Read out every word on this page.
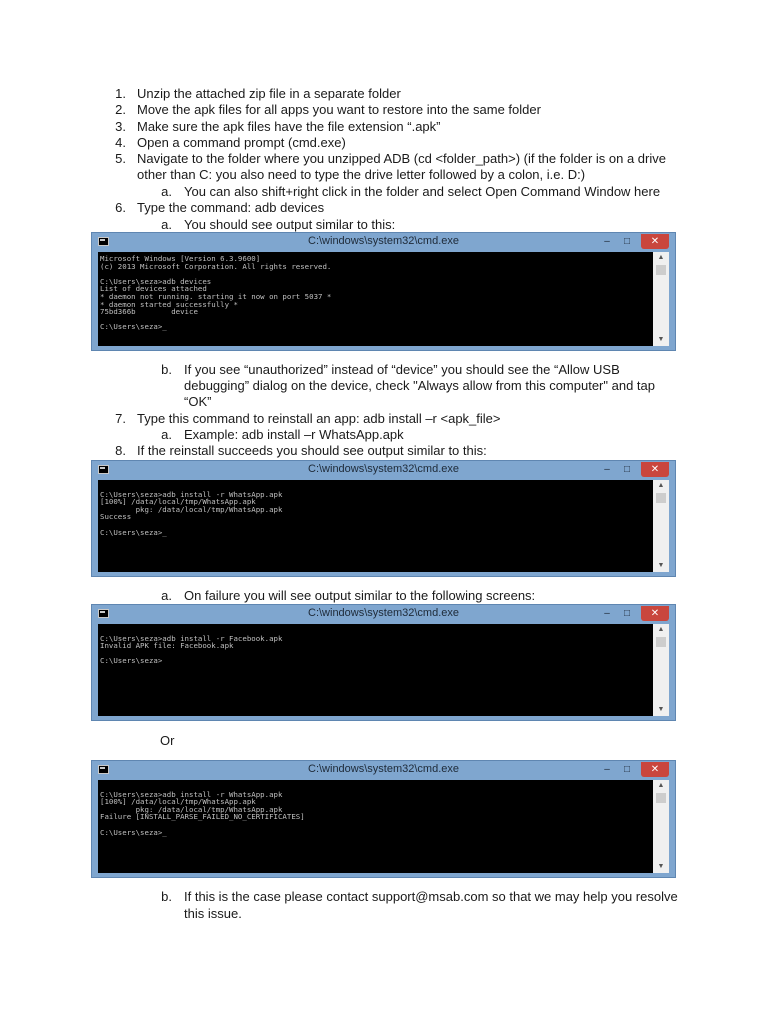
1. Unzip the attached zip file in a separate folder
2. Move the apk files for all apps you want to restore into the same folder
3. Make sure the apk files have the file extension “.apk”
4. Open a command prompt (cmd.exe)
5. Navigate to the folder where you unzipped ADB (cd <folder_path>) (if the folder is on a drive
other than C: you also need to type the drive letter followed by a colon, i.e. D:)
a. You can also shift+right click in the folder and select Open Command Window here
6. Type the command: adb devices
a. You should see output similar to this:
C:\windows\system32\cmd.exe	–	□	✕
Microsoft Windows [Version 6.3.9600]
(c) 2013 Microsoft Corporation. All rights reserved.

C:\Users\seza>adb devices
List of devices attached
* daemon not running. starting it now on port 5037 *
* daemon started successfully *
75bd366b        device

C:\Users\seza>_
▲
▼
b. If you see “unauthorized” instead of “device” you should see the “Allow USB
debugging” dialog on the device, check "Always allow from this computer" and tap
“OK”
7. Type this command to reinstall an app: adb install –r <apk_file>
a. Example: adb install –r WhatsApp.apk
8. If the reinstall succeeds you should see output similar to this:
C:\windows\system32\cmd.exe	–	□	✕

C:\Users\seza>adb install -r WhatsApp.apk
[100%] /data/local/tmp/WhatsApp.apk
pkg: /data/local/tmp/WhatsApp.apk
Success

C:\Users\seza>_
▲
▼
a. On failure you will see output similar to the following screens:
C:\windows\system32\cmd.exe	–	□	✕

C:\Users\seza>adb install -r Facebook.apk
Invalid APK file: Facebook.apk

C:\Users\seza>
▲
▼
Or
C:\windows\system32\cmd.exe	–	□	✕

C:\Users\seza>adb install -r WhatsApp.apk
[100%] /data/local/tmp/WhatsApp.apk
pkg: /data/local/tmp/WhatsApp.apk
Failure [INSTALL_PARSE_FAILED_NO_CERTIFICATES]

C:\Users\seza>_
▲
▼
b. If this is the case please contact support@msab.com so that we may help you resolve
this issue.
